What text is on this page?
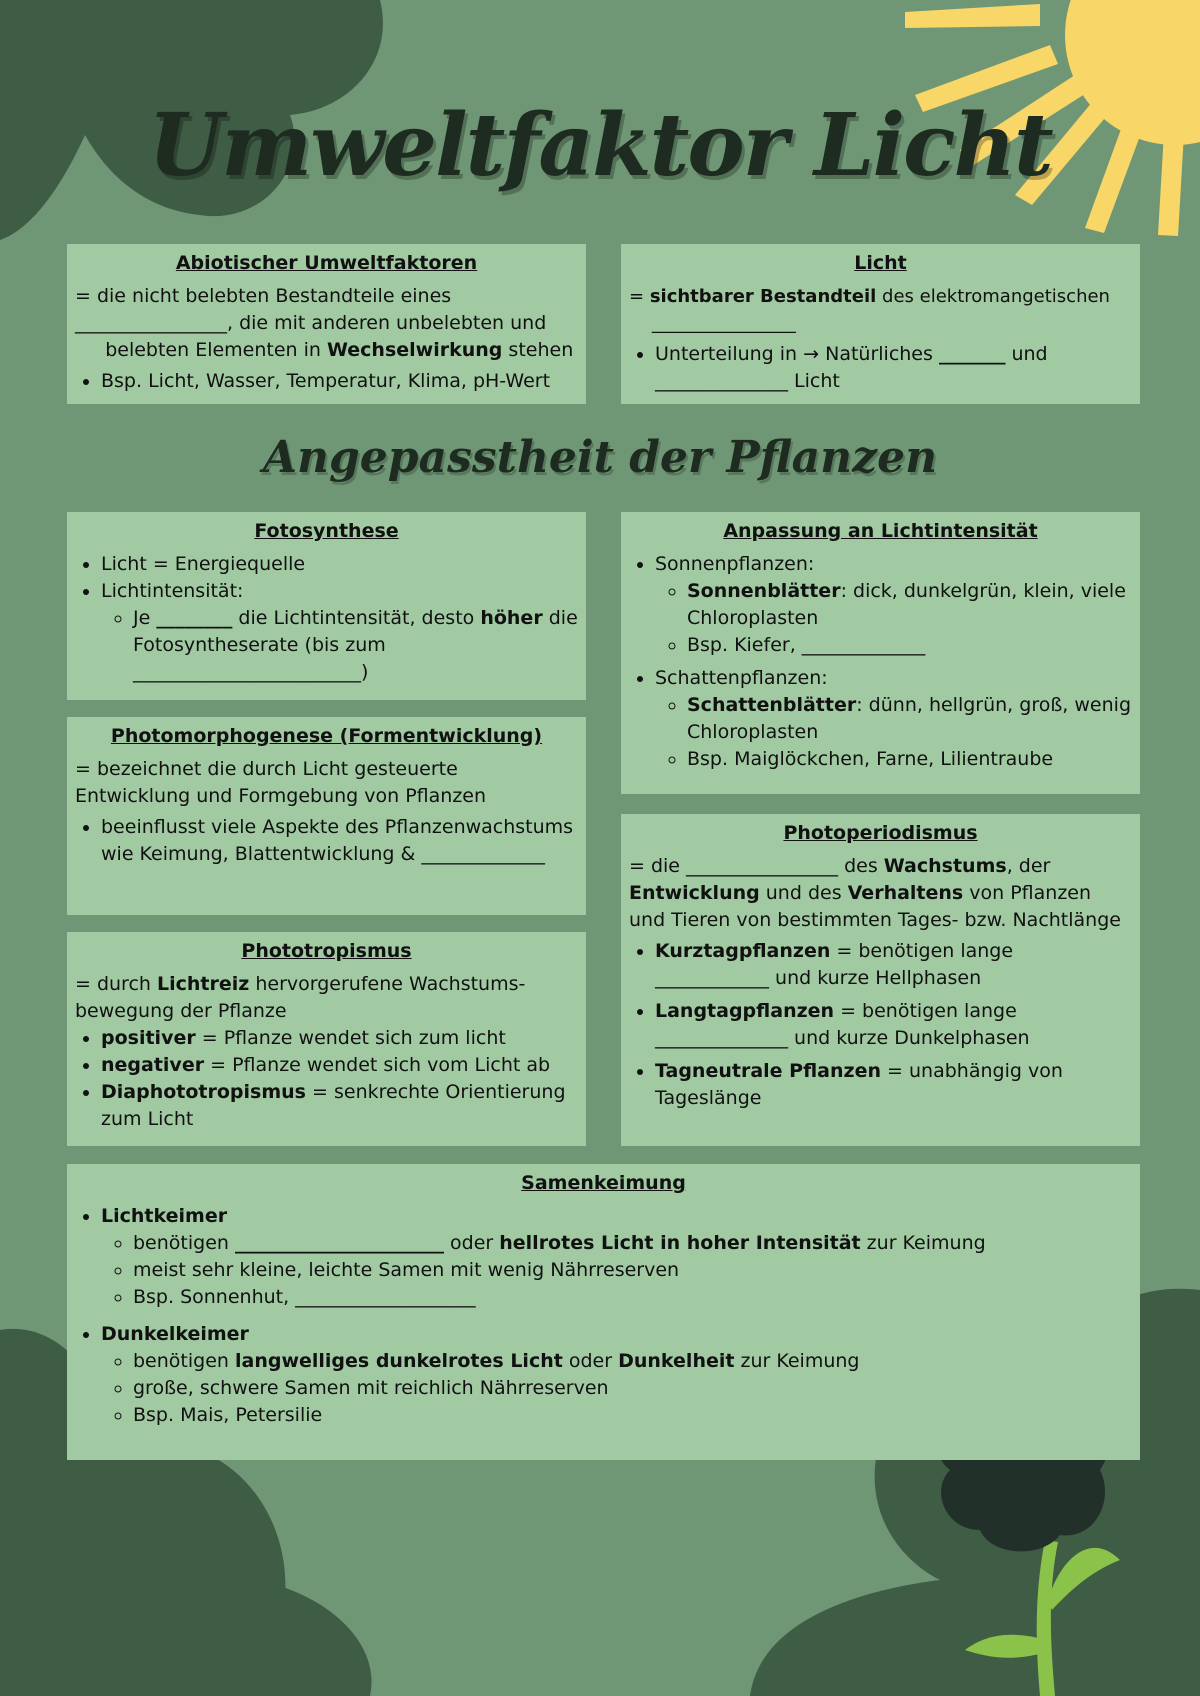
Umweltfaktor Licht
Abiotischer Umweltfaktoren

= die nicht belebten Bestandteile eines
________________, die mit anderen unbelebten und
belebten Elementen in Wechselwirkung stehen

• Bsp. Licht, Wasser, Temperatur, Klima, pH-Wert
Licht

= sichtbarer Bestandteil des elektromangetischen
________________

• Unterteilung in → Natürliches _______ und
______________ Licht
Angepasstheit der Pflanzen
Fotosynthese
• Licht = Energiequelle
• Lichtintensität:
◦ Je ________ die Lichtintensität, desto höher die Fotosyntheserate (bis zum ________________________)
Photomorphogenese (Formentwicklung)

= bezeichnet die durch Licht gesteuerte Entwicklung und Formgebung von Pflanzen

• beeinflusst viele Aspekte des Pflanzenwachstums wie Keimung, Blattentwicklung & _____________
Phototropismus

= durch Lichtreiz hervorgerufene Wachstums-bewegung der Pflanze

• positiver = Pflanze wendet sich zum licht
• negativer = Pflanze wendet sich vom Licht ab
• Diaphototropismus = senkrechte Orientierung zum Licht
Anpassung an Lichtintensität
• Sonnenpflanzen:
◦ Sonnenblätter: dick, dunkelgrün, klein, viele Chloroplasten
◦ Bsp. Kiefer, _____________
• Schattenpflanzen:
◦ Schattenblätter: dünn, hellgrün, groß, wenig Chloroplasten
◦ Bsp. Maiglöckchen, Farne, Lilientraube
Photoperiodismus

= die ________________ des Wachstums, der Entwicklung und des Verhaltens von Pflanzen und Tieren von bestimmten Tages- bzw. Nachtlänge

• Kurztagpflanzen = benötigen lange ____________ und kurze Hellphasen
• Langtagpflanzen = benötigen lange ______________ und kurze Dunkelphasen
• Tagneutrale Pflanzen = unabhängig von Tageslänge
Samenkeimung
• Lichtkeimer
◦ benötigen ______________________ oder hellrotes Licht in hoher Intensität zur Keimung
◦ meist sehr kleine, leichte Samen mit wenig Nährreserven
◦ Bsp. Sonnenhut, ___________________
• Dunkelkeimer
◦ benötigen langwelliges dunkelrotes Licht oder Dunkelheit zur Keimung
◦ große, schwere Samen mit reichlich Nährreserven
◦ Bsp. Mais, Petersilie
